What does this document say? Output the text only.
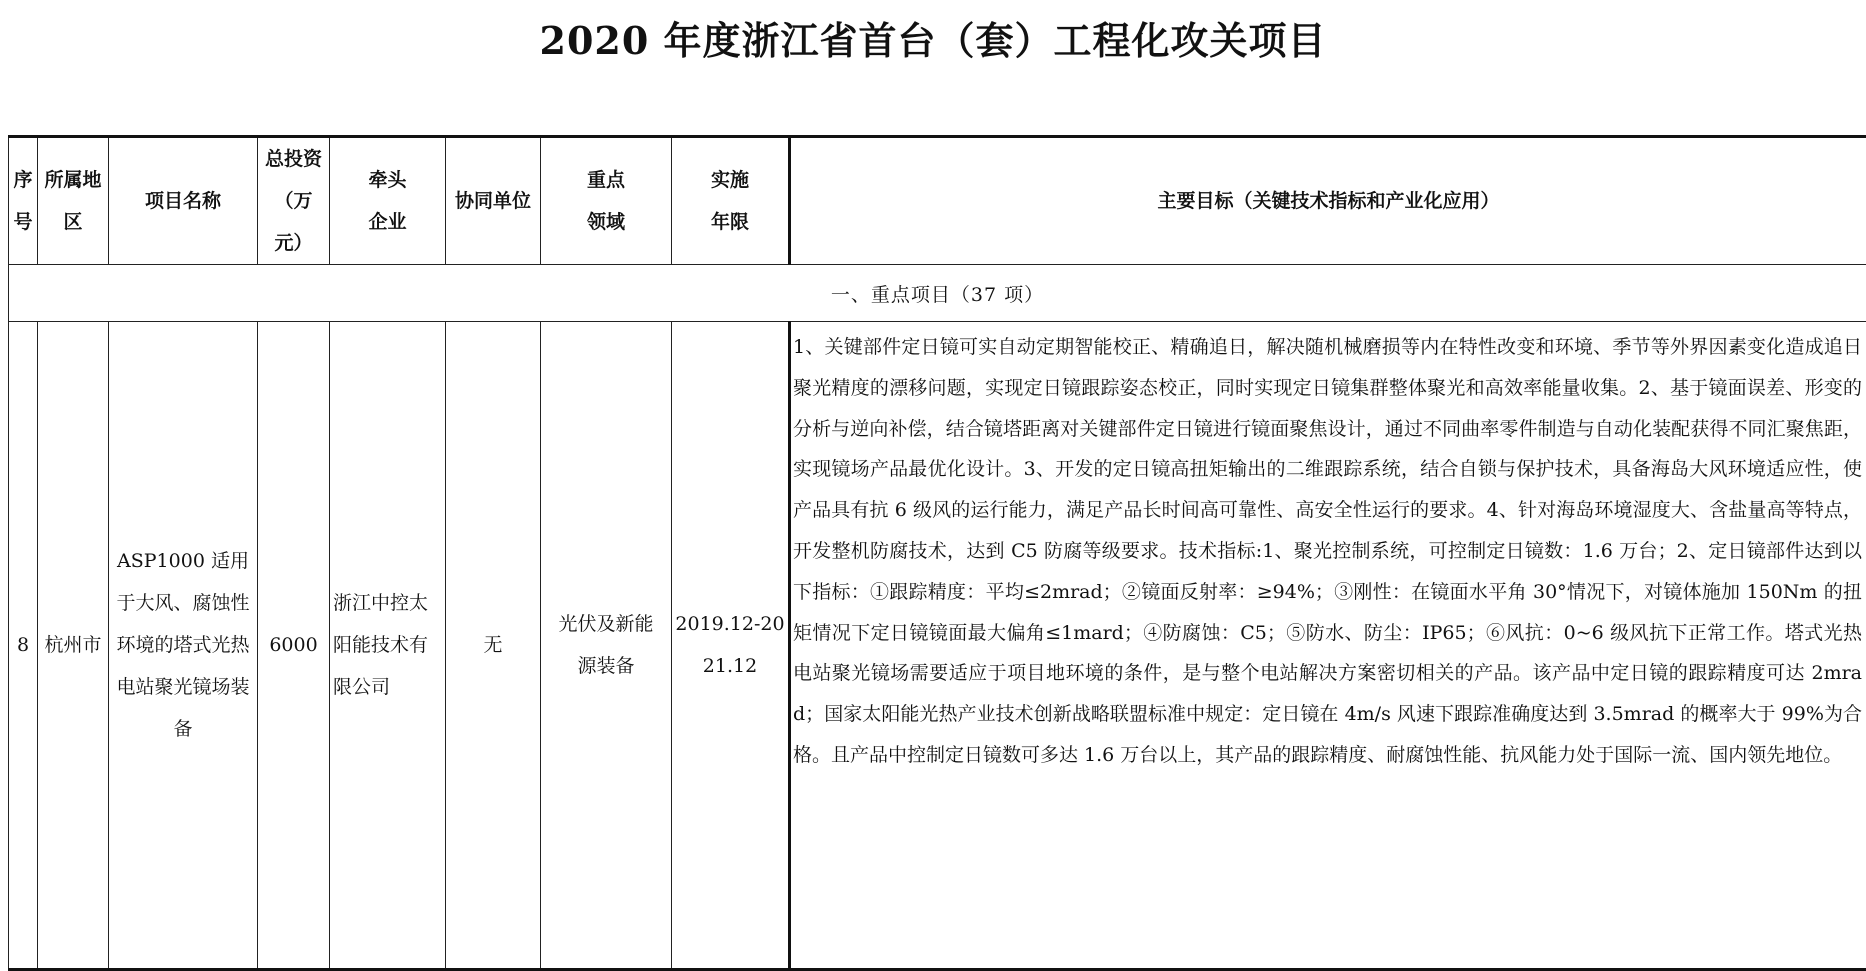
2020 年度浙江省首台（套）工程化攻关项目
序号	所属地区	项目名称	总投资（万元）	牵头企业	协同单位	重点领域	实施年限	主要目标（关键技术指标和产业化应用）
一、重点项目（37 项）								
8	杭州市	ASP1000 适用于大风、腐蚀性环境的塔式光热电站聚光镜场装备	6000	浙江中控太阳能技术有限公司	无	光伏及新能源装备	2019.12-2021.12	1、关键部件定日镜可实自动定期智能校正、精确追日，解决随机械磨损等内在特性改变和环境、季节等外界因素变化造成追日聚光精度的漂移问题，实现定日镜跟踪姿态校正，同时实现定日镜集群整体聚光和高效率能量收集。2、基于镜面误差、形变的分析与逆向补偿，结合镜塔距离对关键部件定日镜进行镜面聚焦设计，通过不同曲率零件制造与自动化装配获得不同汇聚焦距，实现镜场产品最优化设计。3、开发的定日镜高扭矩输出的二维跟踪系统，结合自锁与保护技术，具备海岛大风环境适应性，使产品具有抗 6 级风的运行能力，满足产品长时间高可靠性、高安全性运行的要求。4、针对海岛环境湿度大、含盐量高等特点，开发整机防腐技术，达到 C5 防腐等级要求。技术指标:1、聚光控制系统，可控制定日镜数：1.6 万台；2、定日镜部件达到以下指标：①跟踪精度：平均≤2mrad；②镜面反射率：≥94%；③刚性：在镜面水平角 30°情况下，对镜体施加 150Nm 的扭矩情况下定日镜镜面最大偏角≤1mard；④防腐蚀：C5；⑤防水、防尘：IP65；⑥风抗：0~6 级风抗下正常工作。塔式光热电站聚光镜场需要适应于项目地环境的条件，是与整个电站解决方案密切相关的产品。该产品中定日镜的跟踪精度可达 2mrad；国家太阳能光热产业技术创新战略联盟标准中规定：定日镜在 4m/s 风速下跟踪准确度达到 3.5mrad 的概率大于 99%为合格。且产品中控制定日镜数可多达 1.6 万台以上，其产品的跟踪精度、耐腐蚀性能、抗风能力处于国际一流、国内领先地位。
